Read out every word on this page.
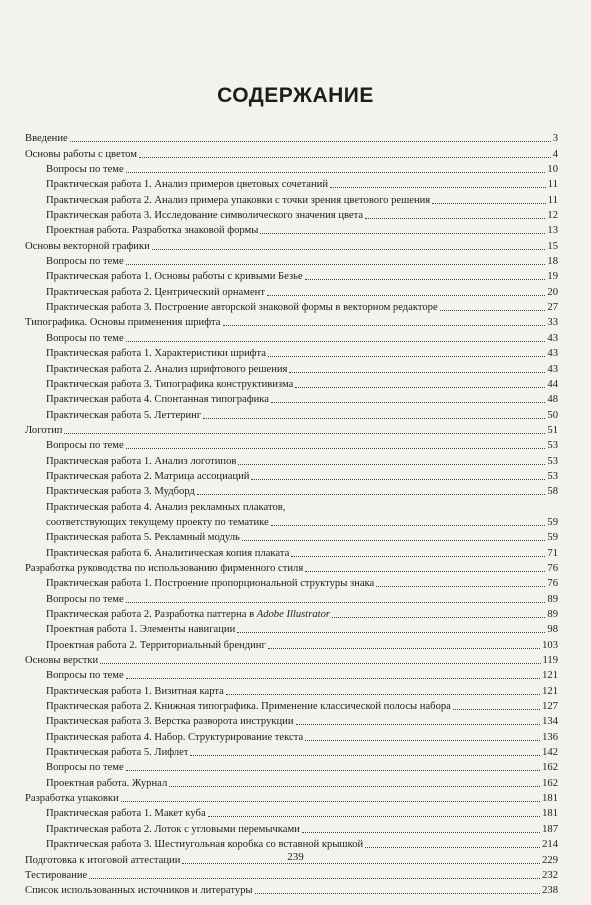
СОДЕРЖАНИЕ
Введение	3
Основы работы с цветом	4
Вопросы по теме	10
Практическая работа 1. Анализ примеров цветовых сочетаний	11
Практическая работа 2. Анализ примера упаковки с точки зрения цветового решения	11
Практическая работа 3. Исследование символического значения цвета	12
Проектная работа. Разработка знаковой формы	13
Основы векторной графики	15
Вопросы по теме	18
Практическая работа 1. Основы работы с кривыми Безье	19
Практическая работа 2. Центрический орнамент	20
Практическая работа 3. Построение авторской знаковой формы в векторном редакторе	27
Типографика. Основы применения шрифта	33
Вопросы по теме	43
Практическая работа 1. Характеристики шрифта	43
Практическая работа 2. Анализ шрифтового решения	43
Практическая работа 3. Типографика конструктивизма	44
Практическая работа 4. Спонтанная типографика	48
Практическая работа 5. Леттеринг	50
Логотип	51
Вопросы по теме	53
Практическая работа 1. Анализ логотипов	53
Практическая работа 2. Матрица ассоциаций	53
Практическая работа 3. Мудборд	58
Практическая работа 4. Анализ рекламных плакатов,
соответствующих текущему проекту по тематике	59
Практическая работа 5. Рекламный модуль	59
Практическая работа 6. Аналитическая копия плаката	71
Разработка руководства по использованию фирменного стиля	76
Практическая работа 1. Построение пропорциональной структуры знака	76
Вопросы по теме	89
Практическая работа 2. Разработка паттерна в Adobe Illustrator	89
Проектная работа 1. Элементы навигации	98
Проектная работа 2. Территориальный брендинг	103
Основы верстки	119
Вопросы по теме	121
Практическая работа 1. Визитная карта	121
Практическая работа 2. Книжная типографика. Применение классической полосы набора	127
Практическая работа 3. Верстка разворота инструкции	134
Практическая работа 4. Набор. Структурирование текста	136
Практическая работа 5. Лифлет	142
Вопросы по теме	162
Проектная работа. Журнал	162
Разработка упаковки	181
Практическая работа 1. Макет куба	181
Практическая работа 2. Лоток с угловыми перемычками	187
Практическая работа 3. Шестиугольная коробка со вставной крышкой	214
Подготовка к итоговой аттестации	229
Тестирование	232
Список использованных источников и литературы	238
239
